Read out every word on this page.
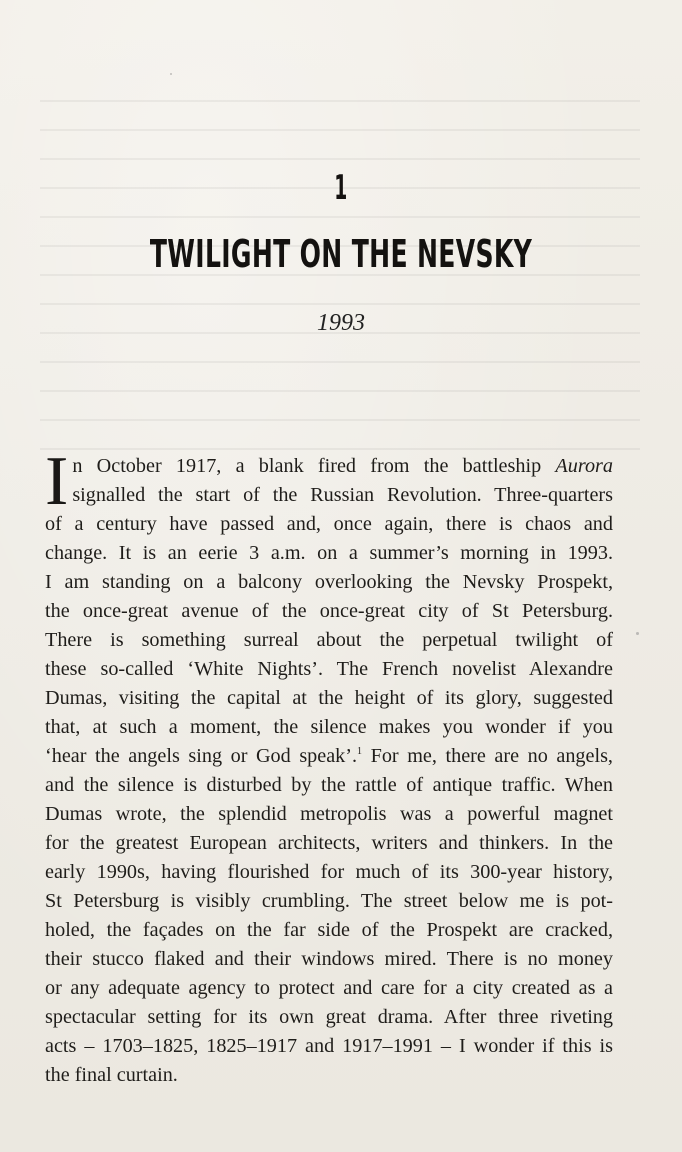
1
TWILIGHT ON THE NEVSKY
1993
I n October 1917, a blank fired from the battleship Aurora
signalled the start of the Russian Revolution. Three-quarters
of a century have passed and, once again, there is chaos and
change. It is an eerie 3 a.m. on a summer’s morning in 1993.
I am standing on a balcony overlooking the Nevsky Prospekt,
the once-great avenue of the once-great city of St Petersburg.
There is something surreal about the perpetual twilight of
these so-called ‘White Nights’. The French novelist Alexandre
Dumas, visiting the capital at the height of its glory, suggested
that, at such a moment, the silence makes you wonder if you
‘hear the angels sing or God speak’.$^1$ For me, there are no angels,
and the silence is disturbed by the rattle of antique traffic. When
Dumas wrote, the splendid metropolis was a powerful magnet
for the greatest European architects, writers and thinkers. In the
early 1990s, having flourished for much of its 300-year history,
St Petersburg is visibly crumbling. The street below me is pot-
holed, the façades on the far side of the Prospekt are cracked,
their stucco flaked and their windows mired. There is no money
or any adequate agency to protect and care for a city created as a
spectacular setting for its own great drama. After three riveting
acts – 1703–1825, 1825–1917 and 1917–1991 – I wonder if this is
the final curtain.
